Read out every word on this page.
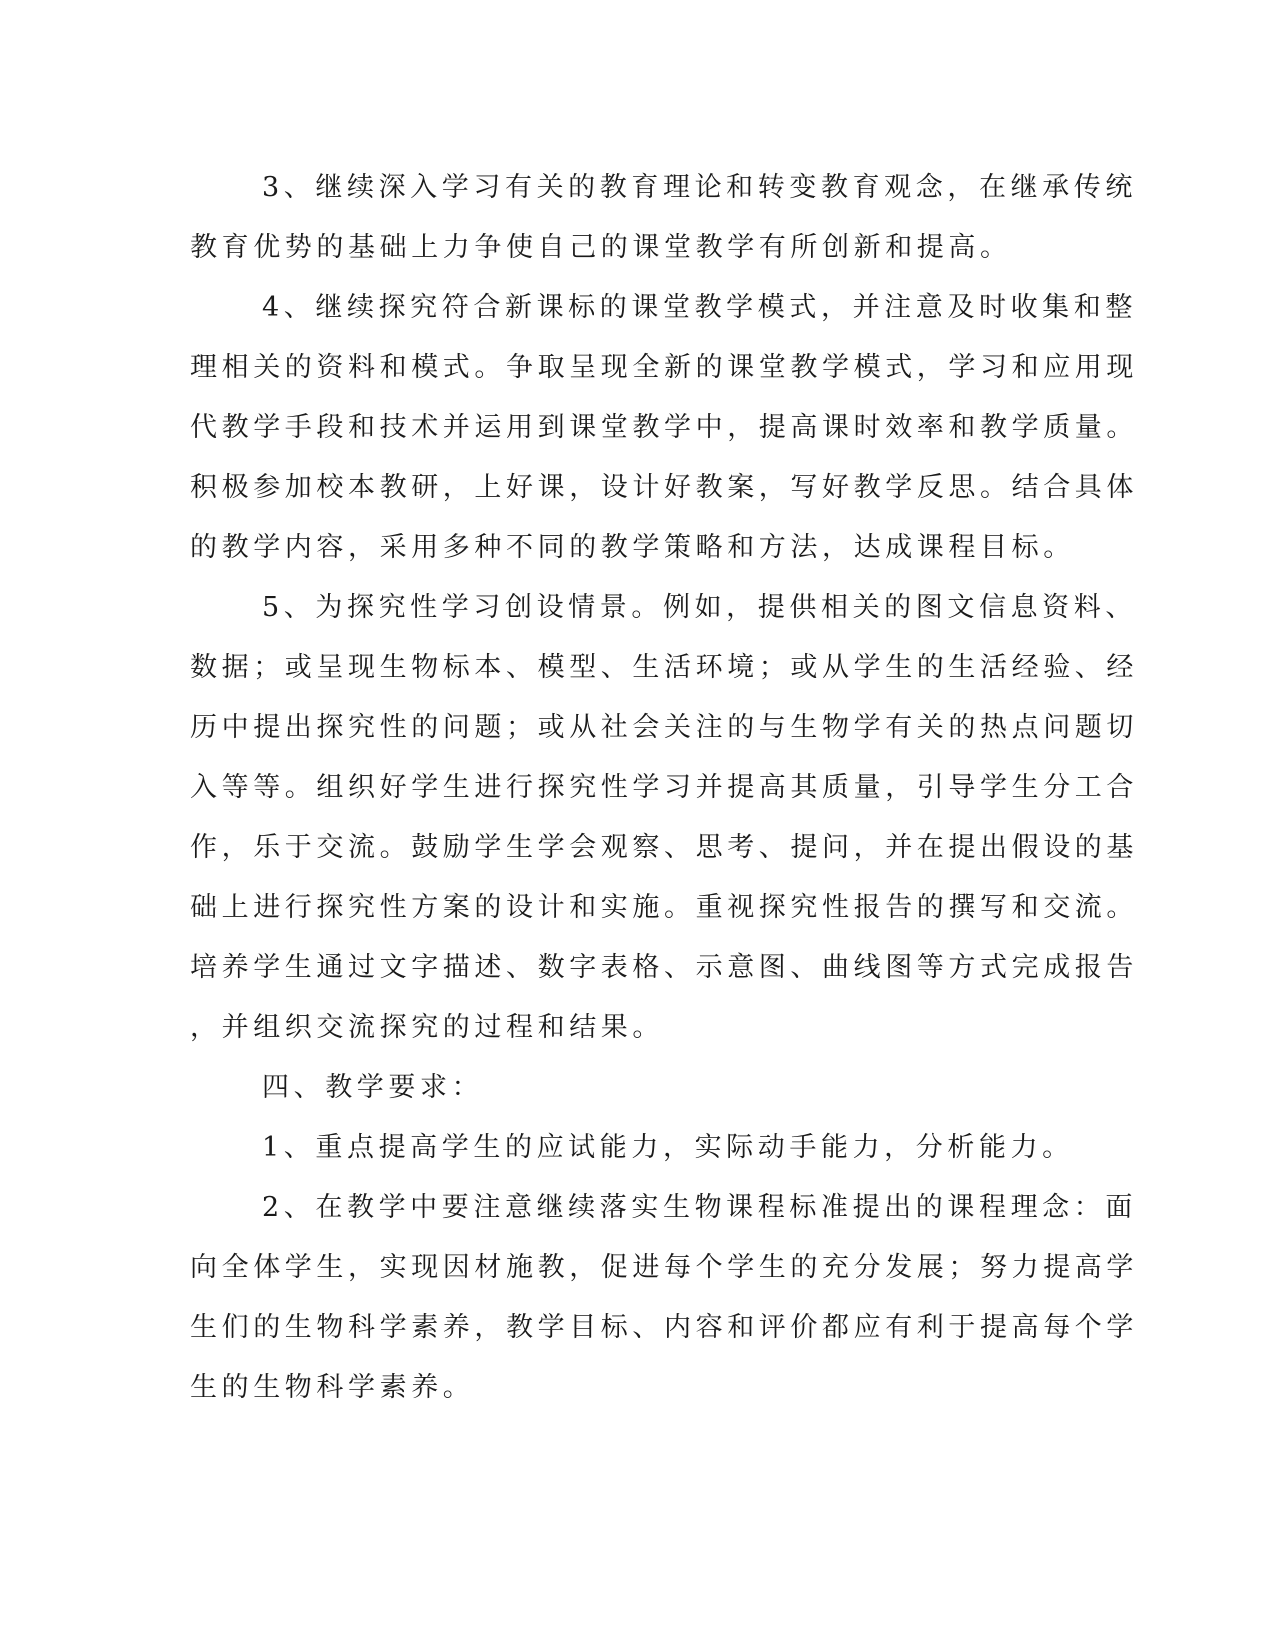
3、继续深入学习有关的教育理论和转变教育观念，在继承传统
教育优势的基础上力争使自己的课堂教学有所创新和提高。
4、继续探究符合新课标的课堂教学模式，并注意及时收集和整
理相关的资料和模式。争取呈现全新的课堂教学模式，学习和应用现
代教学手段和技术并运用到课堂教学中，提高课时效率和教学质量。
积极参加校本教研，上好课，设计好教案，写好教学反思。结合具体
的教学内容，采用多种不同的教学策略和方法，达成课程目标。
5、为探究性学习创设情景。例如，提供相关的图文信息资料、
数据；或呈现生物标本、模型、生活环境；或从学生的生活经验、经
历中提出探究性的问题；或从社会关注的与生物学有关的热点问题切
入等等。组织好学生进行探究性学习并提高其质量，引导学生分工合
作，乐于交流。鼓励学生学会观察、思考、提问，并在提出假设的基
础上进行探究性方案的设计和实施。重视探究性报告的撰写和交流。
培养学生通过文字描述、数字表格、示意图、曲线图等方式完成报告
，并组织交流探究的过程和结果。
四、教学要求：
1、重点提高学生的应试能力，实际动手能力，分析能力。
2、在教学中要注意继续落实生物课程标准提出的课程理念：面
向全体学生，实现因材施教，促进每个学生的充分发展；努力提高学
生们的生物科学素养，教学目标、内容和评价都应有利于提高每个学
生的生物科学素养。
